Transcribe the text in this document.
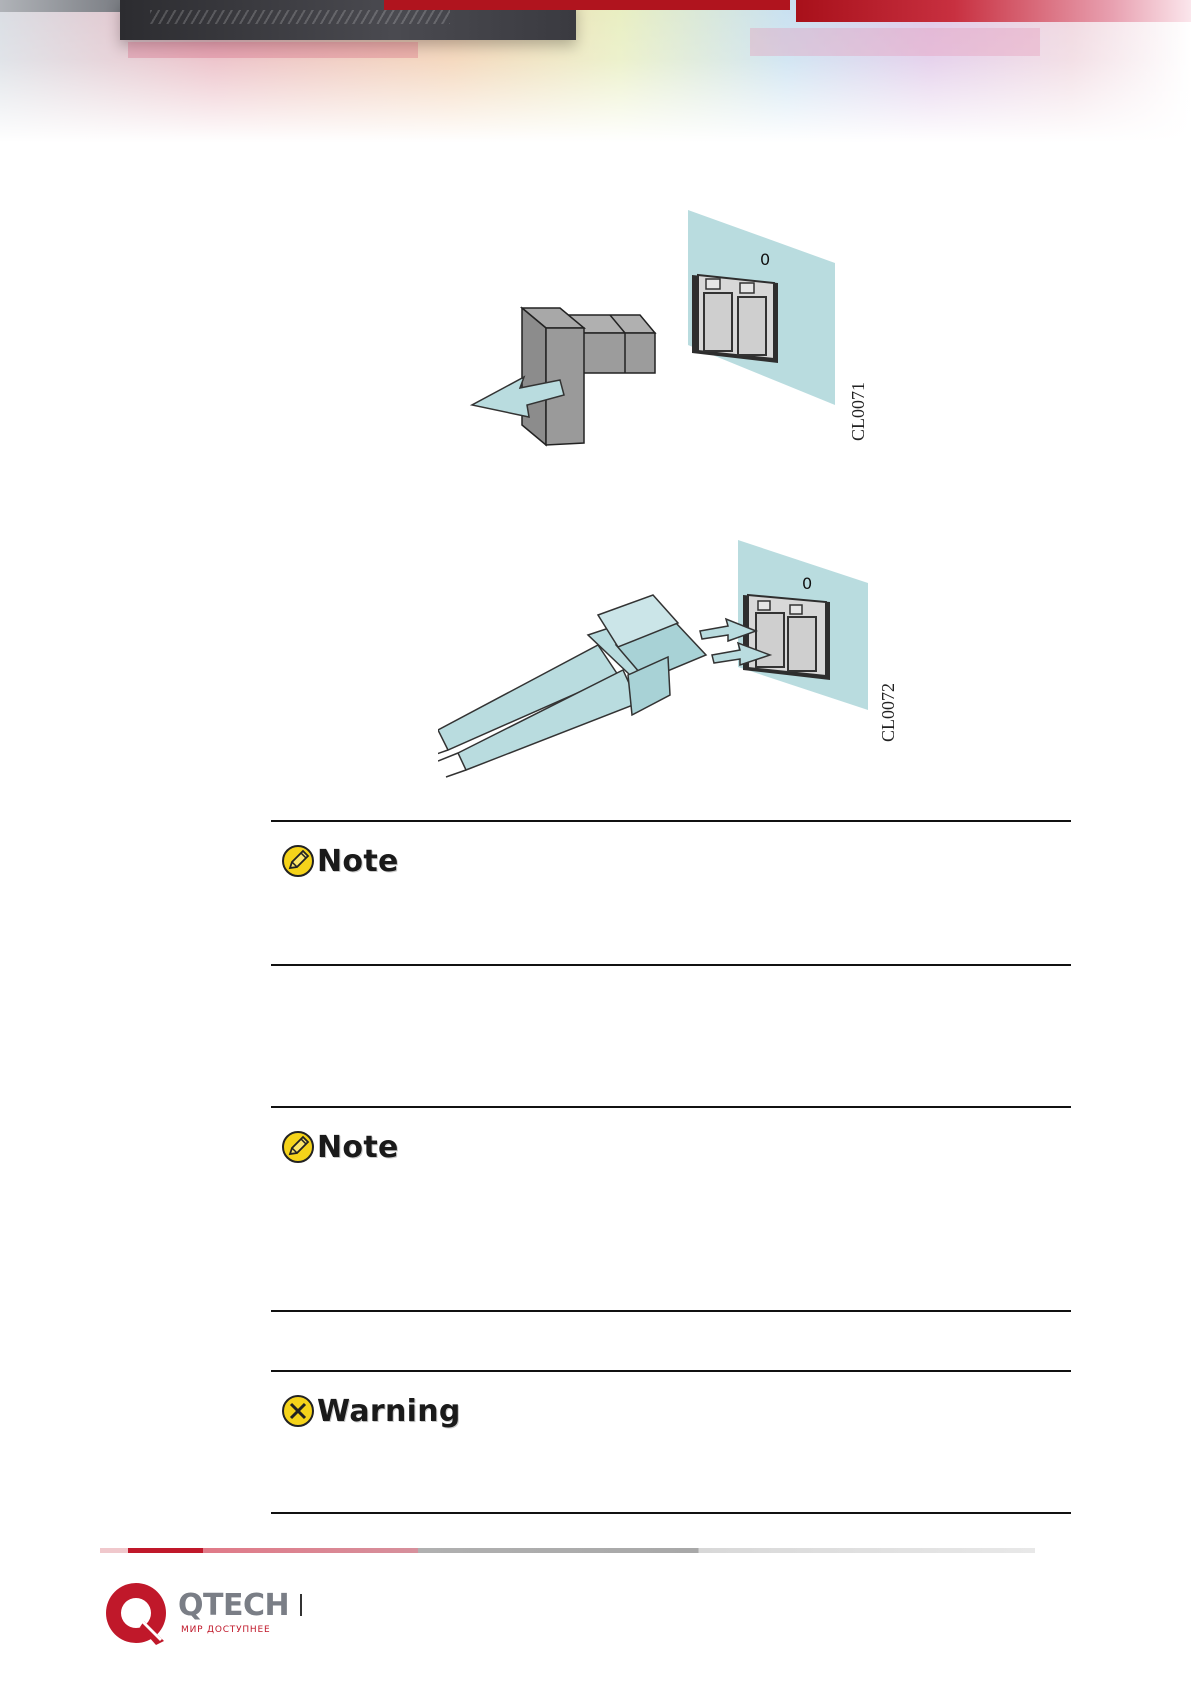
0
CL0071
0
CL0072
Note
Note
Warning
QTECH
МИР ДОСТУПНЕЕ
